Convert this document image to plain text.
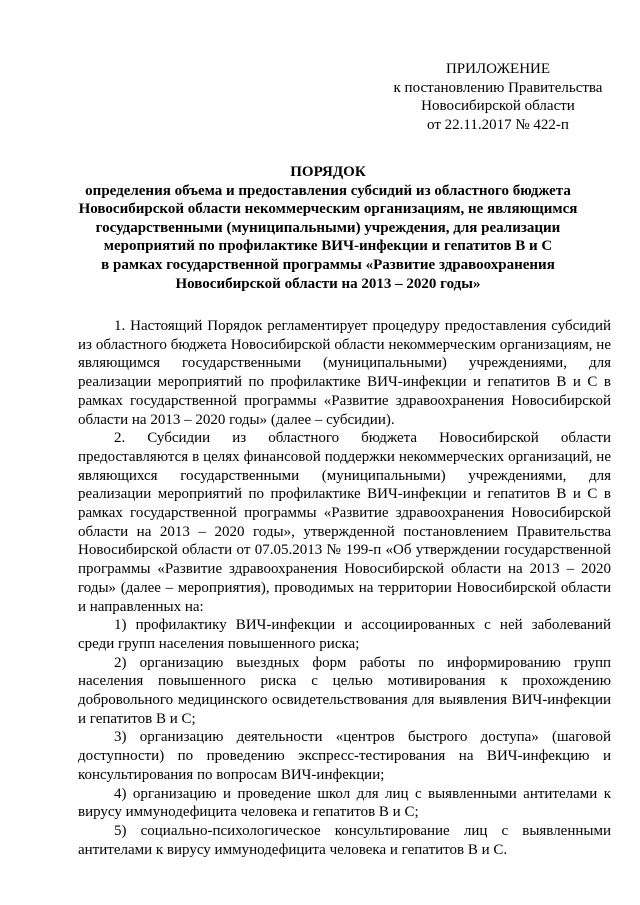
ПРИЛОЖЕНИЕ
к постановлению Правительства
Новосибирской области
от 22.11.2017 № 422-п
ПОРЯДОК
определения объема и предоставления субсидий из областного бюджета
Новосибирской области некоммерческим организациям, не являющимся
государственными (муниципальными) учреждения, для реализации
мероприятий по профилактике ВИЧ-инфекции и гепатитов В и С
в рамках государственной программы «Развитие здравоохранения
Новосибирской области на 2013 – 2020 годы»

1. Настоящий Порядок регламентирует процедуру предоставления субсидий из областного бюджета Новосибирской области некоммерческим организациям, не являющимся государственными (муниципальными) учреждениями, для реализации мероприятий по профилактике ВИЧ-инфекции и гепатитов В и С в рамках государственной программы «Развитие здравоохранения Новосибирской области на 2013 – 2020 годы» (далее – субсидии).

2. Субсидии из областного бюджета Новосибирской области предоставляются в целях финансовой поддержки некоммерческих организаций, не являющихся государственными (муниципальными) учреждениями, для реализации мероприятий по профилактике ВИЧ-инфекции и гепатитов В и С в рамках государственной программы «Развитие здравоохранения Новосибирской области на 2013 – 2020 годы», утвержденной постановлением Правительства Новосибирской области от 07.05.2013 № 199-п «Об утверждении государственной программы «Развитие здравоохранения Новосибирской области на 2013 – 2020 годы» (далее – мероприятия), проводимых на территории Новосибирской области и направленных на:

1) профилактику ВИЧ-инфекции и ассоциированных с ней заболеваний среди групп населения повышенного риска;

2) организацию выездных форм работы по информированию групп населения повышенного риска с целью мотивирования к прохождению добровольного медицинского освидетельствования для выявления ВИЧ-инфекции и гепатитов В и С;

3) организацию деятельности «центров быстрого доступа» (шаговой доступности) по проведению экспресс-тестирования на ВИЧ-инфекцию и консультирования по вопросам ВИЧ-инфекции;

4) организацию и проведение школ для лиц с выявленными антителами к вирусу иммунодефицита человека и гепатитов В и С;

5) социально-психологическое консультирование лиц с выявленными антителами к вирусу иммунодефицита человека и гепатитов В и С.
